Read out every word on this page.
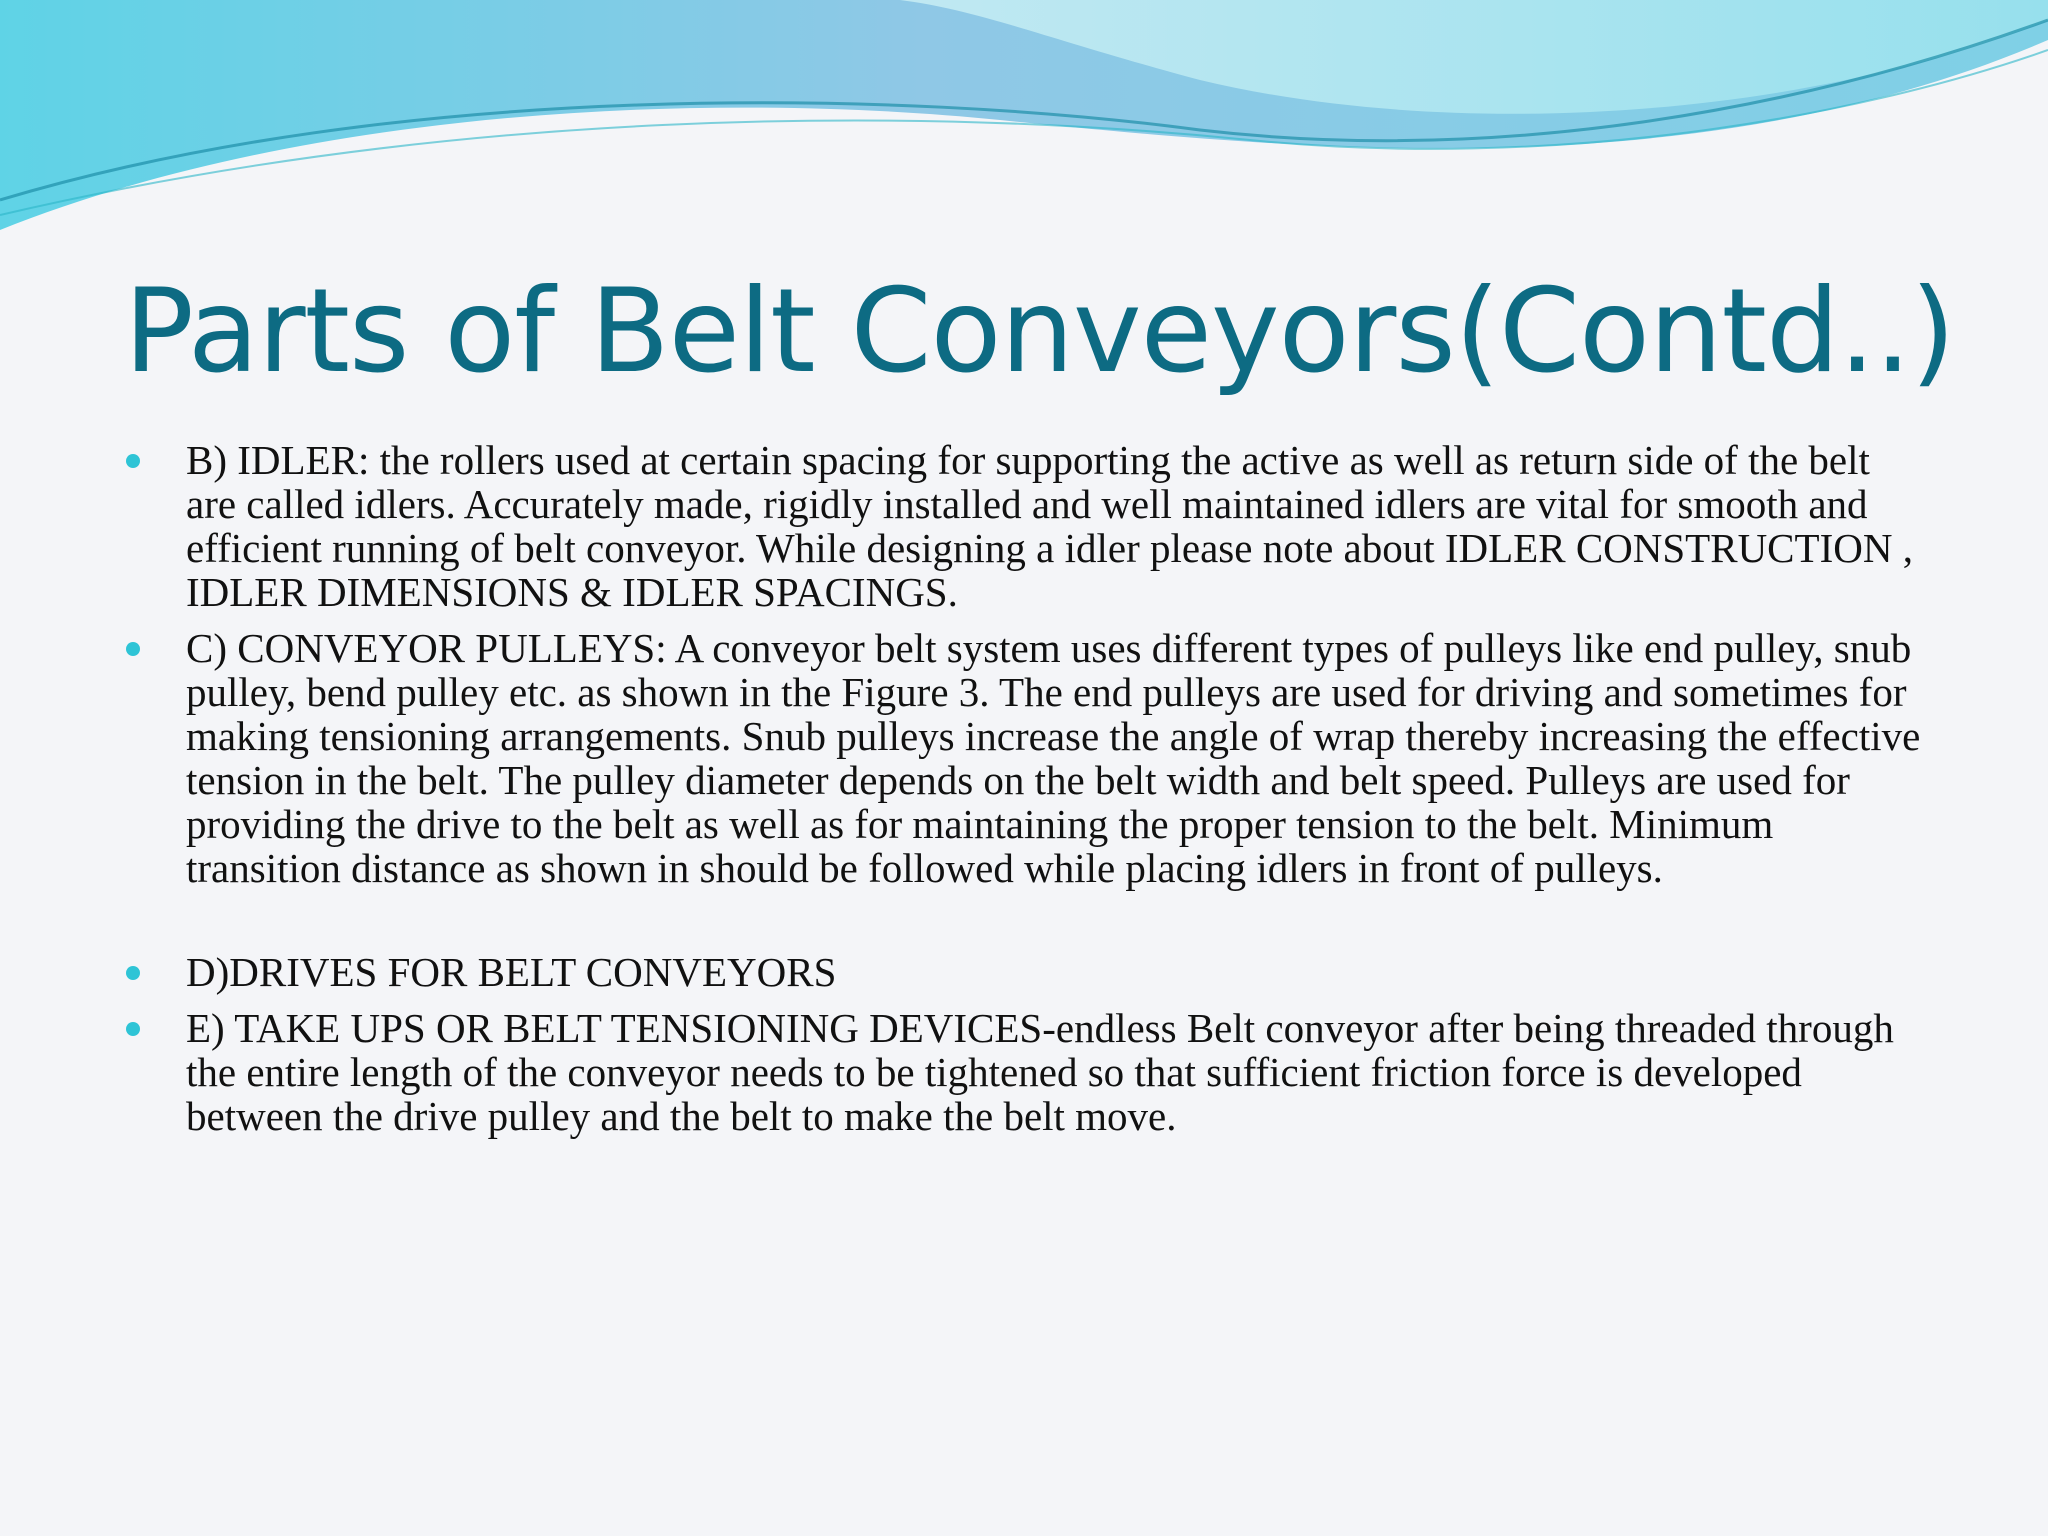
Parts of Belt Conveyors(Contd..)
B) IDLER: the rollers used at certain spacing for supporting the active as well as return side of the belt are called idlers. Accurately made, rigidly installed and well maintained idlers are vital for smooth and efficient running of belt conveyor. While designing a idler please note about IDLER CONSTRUCTION , IDLER DIMENSIONS & IDLER SPACINGS.
C) CONVEYOR PULLEYS: A conveyor belt system uses different types of pulleys like end pulley, snub pulley, bend pulley etc. as shown in the Figure 3. The end pulleys are used for driving and sometimes for making tensioning arrangements. Snub pulleys increase the angle of wrap thereby increasing the effective tension in the belt. The pulley diameter depends on the belt width and belt speed. Pulleys are used for providing the drive to the belt as well as for maintaining the proper tension to the belt. Minimum transition distance as shown in should be followed while placing idlers in front of pulleys.
D)DRIVES FOR BELT CONVEYORS
E) TAKE UPS OR BELT TENSIONING DEVICES-endless Belt conveyor after being threaded through the entire length of the conveyor needs to be tightened so that sufficient friction force is developed between the drive pulley and the belt to make the belt move.
